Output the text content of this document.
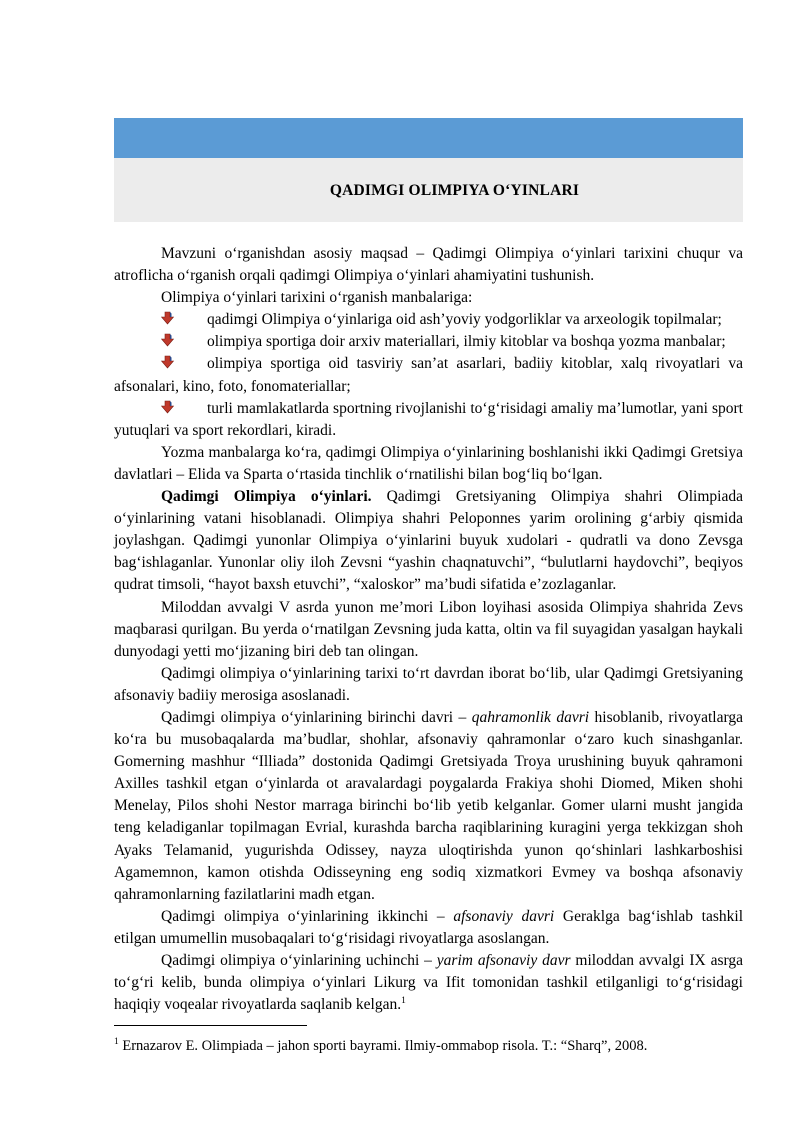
QADIMGI OLIMPIYA O‘YINLARI

Mavzuni o‘rganishdan asosiy maqsad – Qadimgi Olimpiya o‘yinlari tarixini chuqur va atroflicha o‘rganish orqali qadimgi Olimpiya o‘yinlari ahamiyatini tushunish.

Olimpiya o‘yinlari tarixini o‘rganish manbalariga:

qadimgi Olimpiya o‘yinlariga oid ash’yoviy yodgorliklar va arxeologik topilmalar;

olimpiya sportiga doir arxiv materiallari, ilmiy kitoblar va boshqa yozma manbalar;

olimpiya sportiga oid tasviriy san’at asarlari, badiiy kitoblar, xalq rivoyatlari va afsonalari, kino, foto, fonomateriallar;

turli mamlakatlarda sportning rivojlanishi to‘g‘risidagi amaliy ma’lumotlar, yani sport yutuqlari va sport rekordlari, kiradi.

Yozma manbalarga ko‘ra, qadimgi Olimpiya o‘yinlarining boshlanishi ikki Qadimgi Gretsiya davlatlari – Elida va Sparta o‘rtasida tinchlik o‘rnatilishi bilan bog‘liq bo‘lgan.

Qadimgi Olimpiya o‘yinlari. Qadimgi Gretsiyaning Olimpiya shahri Olimpiada o‘yinlarining vatani hisoblanadi. Olimpiya shahri Peloponnes yarim orolining g‘arbiy qismida joylashgan. Qadimgi yunonlar Olimpiya o‘yinlarini buyuk xudolari - qudratli va dono Zevsga bag‘ishlaganlar. Yunonlar oliy iloh Zevsni “yashin chaqnatuvchi”, “bulutlarni haydovchi”, beqiyos qudrat timsoli, “hayot baxsh etuvchi”, “xaloskor” ma’budi sifatida e’zozlaganlar.

Miloddan avvalgi V asrda yunon me’mori Libon loyihasi asosida Olimpiya shahrida Zevs maqbarasi qurilgan. Bu yerda o‘rnatilgan Zevsning juda katta, oltin va fil suyagidan yasalgan haykali dunyodagi yetti mo‘jizaning biri deb tan olingan.

Qadimgi olimpiya o‘yinlarining tarixi to‘rt davrdan iborat bo‘lib, ular Qadimgi Gretsiyaning afsonaviy badiiy merosiga asoslanadi.

Qadimgi olimpiya o‘yinlarining birinchi davri – qahramonlik davri hisoblanib, rivoyatlarga ko‘ra bu musobaqalarda ma’budlar, shohlar, afsonaviy qahramonlar o‘zaro kuch sinashganlar. Gomerning mashhur “Illiada” dostonida Qadimgi Gretsiyada Troya urushining buyuk qahramoni Axilles tashkil etgan o‘yinlarda ot aravalardagi poygalarda Frakiya shohi Diomed, Miken shohi Menelay, Pilos shohi Nestor marraga birinchi bo‘lib yetib kelganlar. Gomer ularni musht jangida teng keladiganlar topilmagan Evrial, kurashda barcha raqiblarining kuragini yerga tekkizgan shoh Ayaks Telamanid, yugurishda Odissey, nayza uloqtirishda yunon qo‘shinlari lashkarboshisi Agamemnon, kamon otishda Odisseyning eng sodiq xizmatkori Evmey va boshqa afsonaviy qahramonlarning fazilatlarini madh etgan.

Qadimgi olimpiya o‘yinlarining ikkinchi – afsonaviy davri Geraklga bag‘ishlab tashkil etilgan umumellin musobaqalari to‘g‘risidagi rivoyatlarga asoslangan.

Qadimgi olimpiya o‘yinlarining uchinchi – yarim afsonaviy davr miloddan avvalgi IX asrga to‘g‘ri kelib, bunda olimpiya o‘yinlari Likurg va Ifit tomonidan tashkil etilganligi to‘g‘risidagi haqiqiy voqealar rivoyatlarda saqlanib kelgan.$^1$

$^1$ Ernazarov E. Olimpiada – jahon sporti bayrami. Ilmiy-ommabop risola. T.: “Sharq”, 2008.
